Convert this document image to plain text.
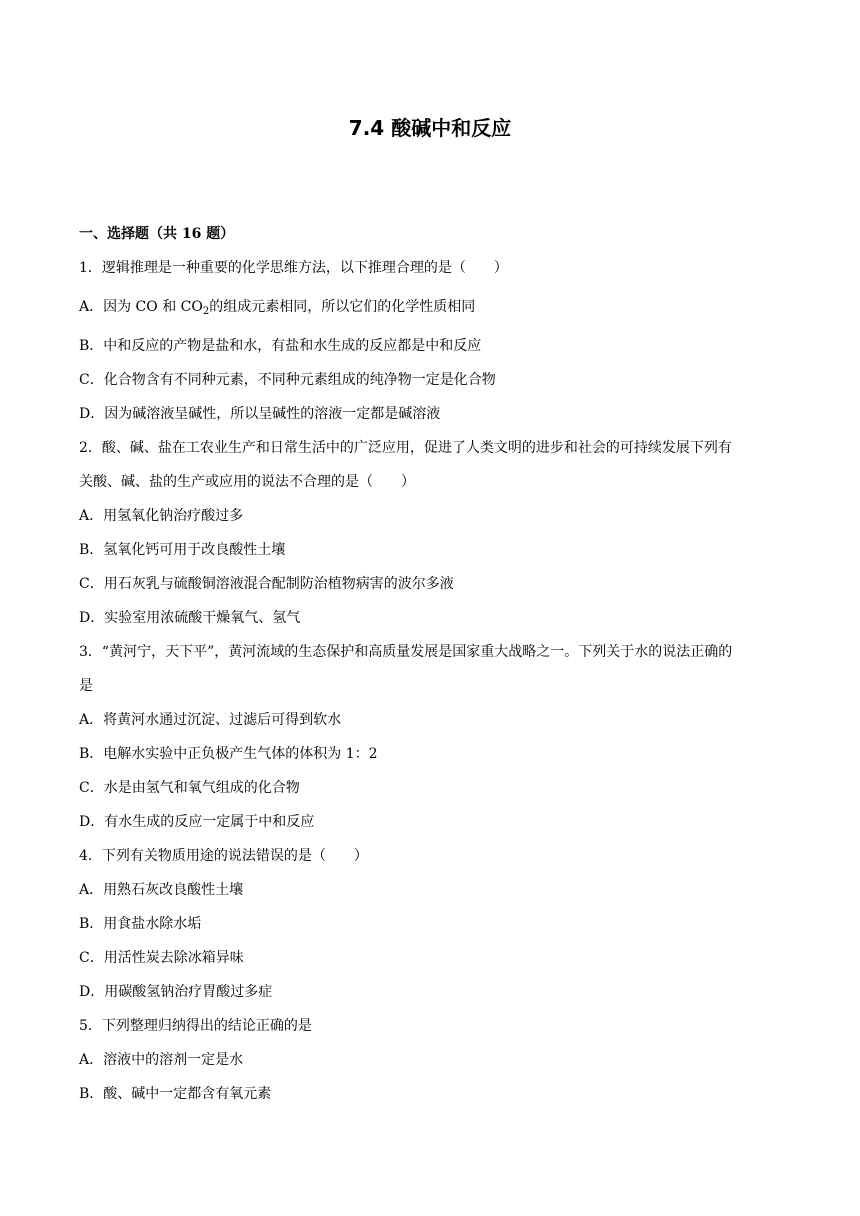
7.4 酸碱中和反应
一、选择题（共 16 题）
1．逻辑推理是一种重要的化学思维方法，以下推理合理的是（　　）
A．因为 CO 和 $CO_2$的组成元素相同，所以它们的化学性质相同
B．中和反应的产物是盐和水，有盐和水生成的反应都是中和反应
C．化合物含有不同种元素，不同种元素组成的纯净物一定是化合物
D．因为碱溶液呈碱性，所以呈碱性的溶液一定都是碱溶液
2．酸、碱、盐在工农业生产和日常生活中的广泛应用，促进了人类文明的进步和社会的可持续发展下列有
关酸、碱、盐的生产或应用的说法不合理的是（　　）
A．用氢氧化钠治疗酸过多
B．氢氧化钙可用于改良酸性土壤
C．用石灰乳与硫酸铜溶液混合配制防治植物病害的波尔多液
D．实验室用浓硫酸干燥氧气、氢气
3．“黄河宁，天下平”，黄河流域的生态保护和高质量发展是国家重大战略之一。下列关于水的说法正确的
是
A．将黄河水通过沉淀、过滤后可得到软水
B．电解水实验中正负极产生气体的体积为 1：2
C．水是由氢气和氧气组成的化合物
D．有水生成的反应一定属于中和反应
4．下列有关物质用途的说法错误的是（　　）
A．用熟石灰改良酸性土壤
B．用食盐水除水垢
C．用活性炭去除冰箱异味
D．用碳酸氢钠治疗胃酸过多症
5．下列整理归纳得出的结论正确的是
A．溶液中的溶剂一定是水
B．酸、碱中一定都含有氧元素
